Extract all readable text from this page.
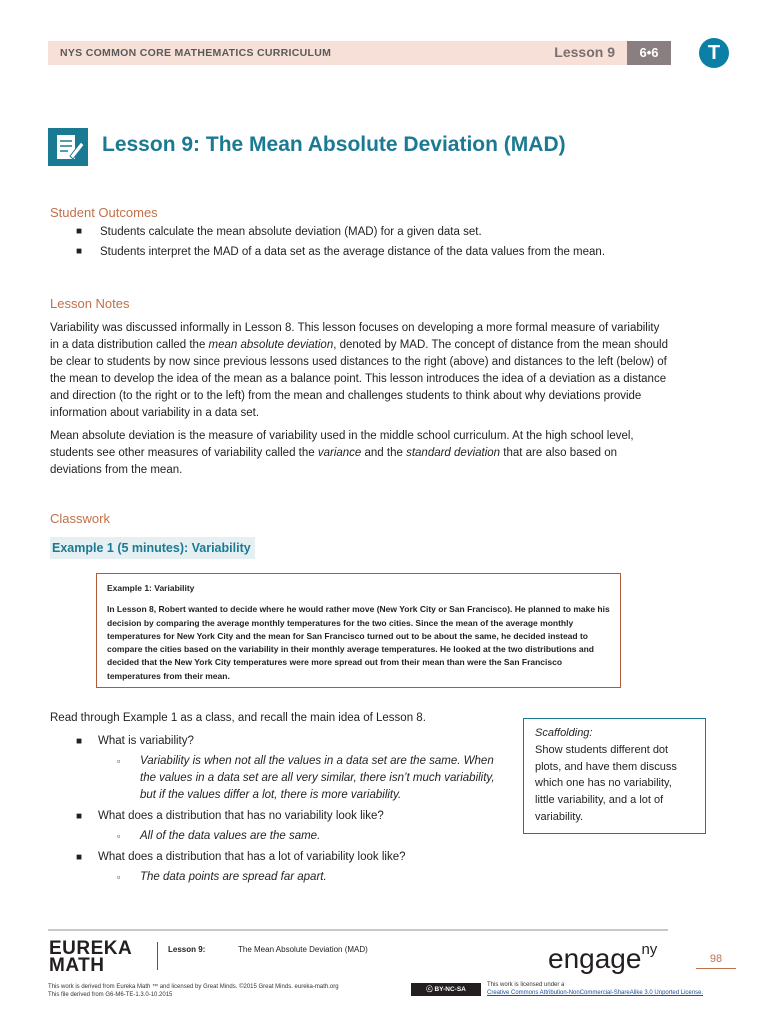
NYS COMMON CORE MATHEMATICS CURRICULUM	Lesson 9	6•6	T
Lesson 9: The Mean Absolute Deviation (MAD)
Student Outcomes
■ Students calculate the mean absolute deviation (MAD) for a given data set.
■ Students interpret the MAD of a data set as the average distance of the data values from the mean.
Lesson Notes
Variability was discussed informally in Lesson 8. This lesson focuses on developing a more formal measure of variability in a data distribution called the mean absolute deviation, denoted by MAD. The concept of distance from the mean should be clear to students by now since previous lessons used distances to the right (above) and distances to the left (below) of the mean to develop the idea of the mean as a balance point. This lesson introduces the idea of a deviation as a distance and direction (to the right or to the left) from the mean and challenges students to think about why deviations provide information about variability in a data set.
Mean absolute deviation is the measure of variability used in the middle school curriculum. At the high school level, students see other measures of variability called the variance and the standard deviation that are also based on deviations from the mean.
Classwork
Example 1 (5 minutes): Variability
Example 1: Variability
In Lesson 8, Robert wanted to decide where he would rather move (New York City or San Francisco). He planned to make his decision by comparing the average monthly temperatures for the two cities. Since the mean of the average monthly temperatures for New York City and the mean for San Francisco turned out to be about the same, he decided instead to compare the cities based on the variability in their monthly average temperatures. He looked at the two distributions and decided that the New York City temperatures were more spread out from their mean than were the San Francisco temperatures from their mean.
Read through Example 1 as a class, and recall the main idea of Lesson 8.
■ What is variability?
▫	Variability is when not all the values in a data set are the same. When the values in a data set are all very similar, there isn’t much variability, but if the values differ a lot, there is more variability.
■ What does a distribution that has no variability look like?
▫	All of the data values are the same.
■ What does a distribution that has a lot of variability look like?
▫	The data points are spread far apart.
Scaffolding:
Show students different dot plots, and have them discuss which one has no variability, little variability, and a lot of variability.
EUREKA
MATH
Lesson 9:	The Mean Absolute Deviation (MAD)	engage$^{ny}$
98
This work is derived from Eureka Math ™ and licensed by Great Minds. ©2015 Great Minds. eureka-math.org
This file derived from G6-M6-TE-1.3.0-10.2015
ⓒ BY-NC-SA
This work is licensed under a
Creative Commons Attribution-NonCommercial-ShareAlike 3.0 Unported License.
